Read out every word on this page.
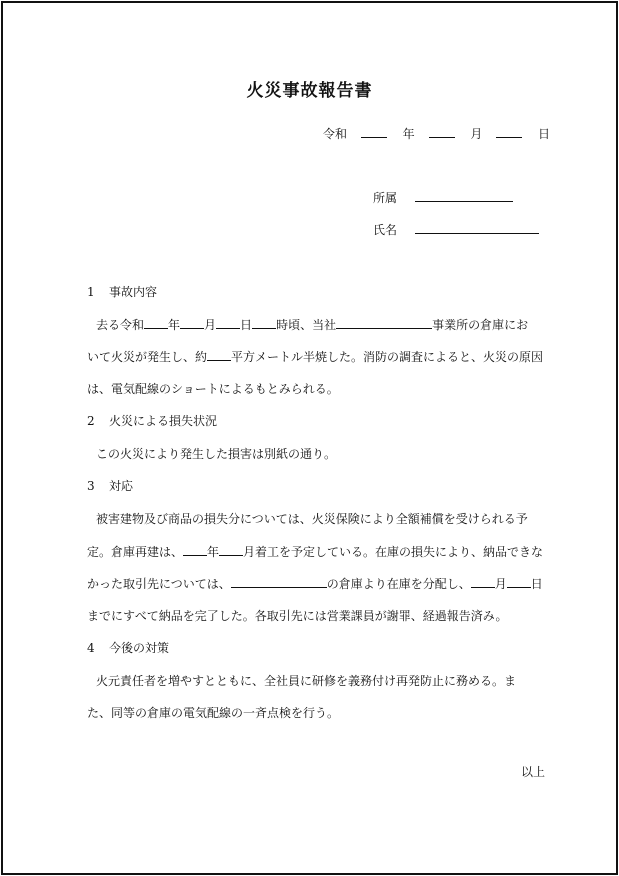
火災事故報告書
令和	年	月	日
所属
氏名
1 事故内容
去る令和 年 月 日 時頃、当社	事業所の倉庫にお
いて火災が発生し、約 平方メートル半焼した。消防の調査によると、火災の原因
は、電気配線のショートによるもとみられる。
2 火災による損失状況
この火災により発生した損害は別紙の通り。
3 対応
被害建物及び商品の損失分については、火災保険により全額補償を受けられる予
定。倉庫再建は、 年 月着工を予定している。在庫の損失により、納品できな
かった取引先については、	の倉庫より在庫を分配し、 月 日
までにすべて納品を完了した。各取引先には営業課員が謝罪、経過報告済み。
4 今後の対策
火元責任者を増やすとともに、全社員に研修を義務付け再発防止に務める。ま
た、同等の倉庫の電気配線の一斉点検を行う。
以上
